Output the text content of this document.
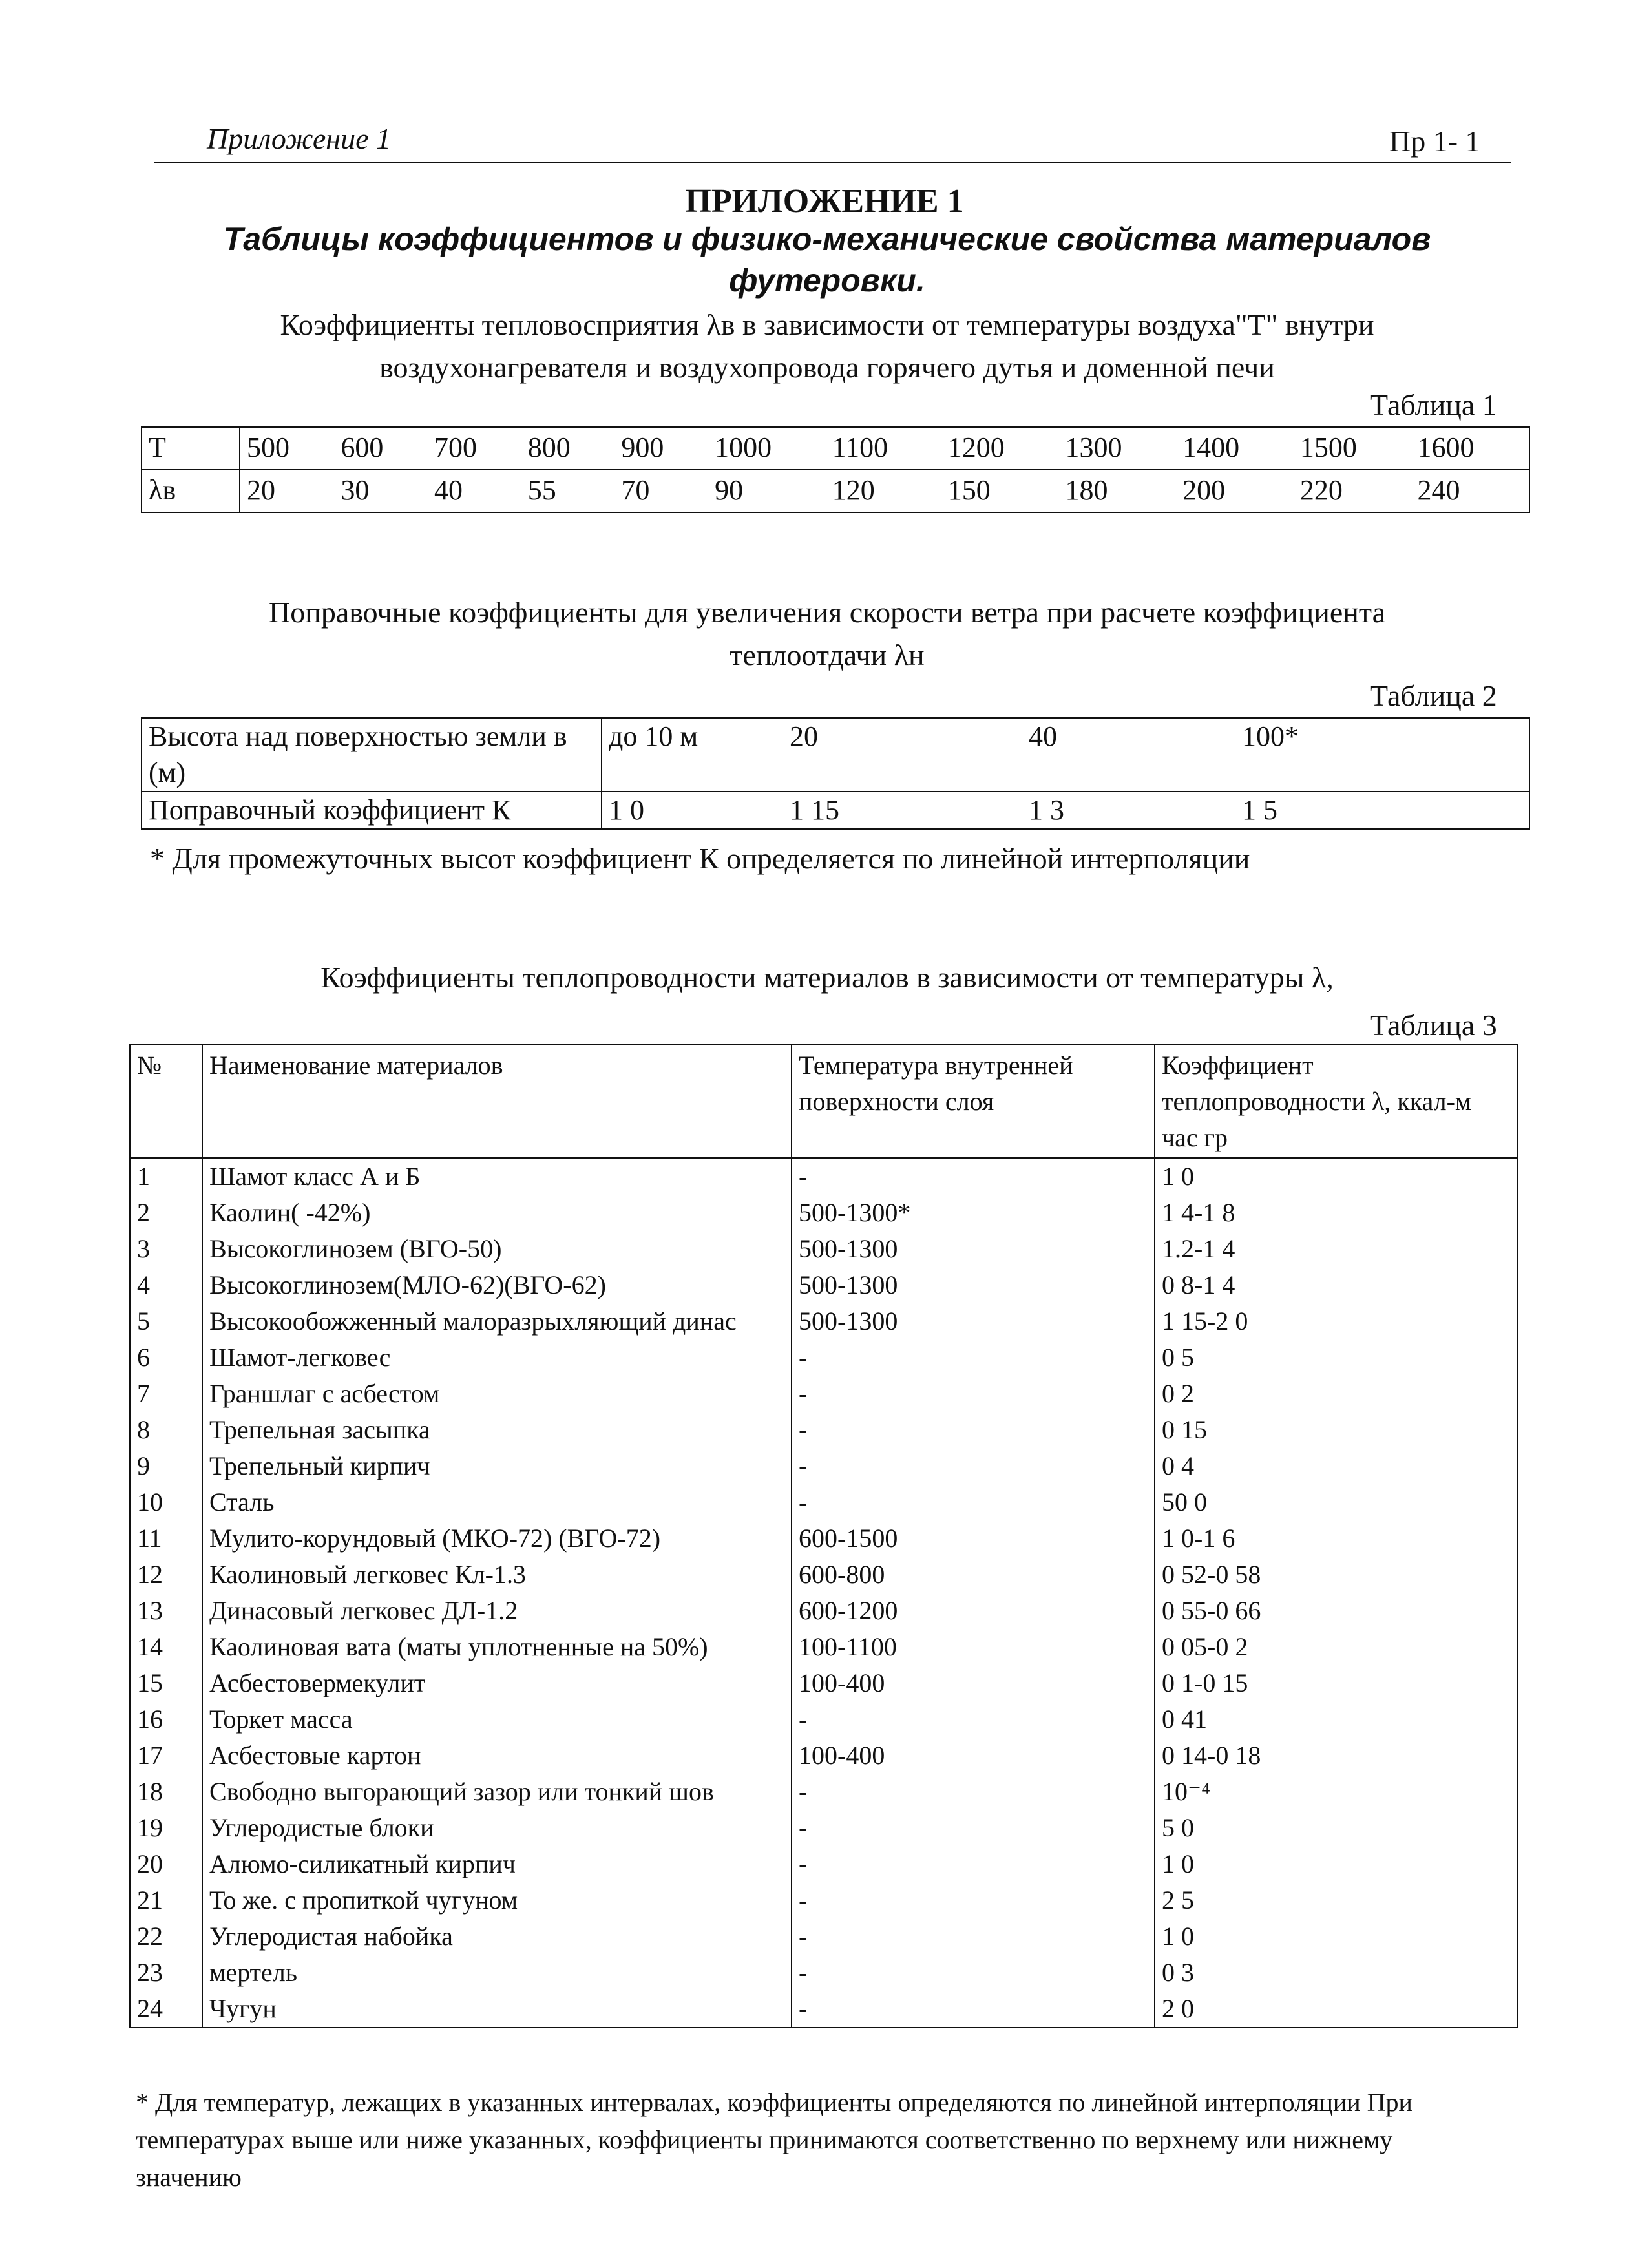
Приложение 1	Пр 1- 1
ПРИЛОЖЕНИЕ 1
Таблицы коэффициентов и физико-механические свойства материалов футеровки.
Коэффициенты тепловосприятия λв в зависимости от температуры воздуха"T" внутри воздухонагревателя и воздухопровода горячего дутья и доменной печи
Таблица 1
T	500	600	700	800	900	1000	1100	1200	1300	1400	1500	1600
λв	20	30	40	55	70	90	120	150	180	200	220	240
Поправочные коэффициенты для увеличения скорости ветра при расчете коэффициента теплоотдачи λн
Таблица 2
Высота над поверхностью земли в (м)	до 10 м	20	40	100*
Поправочный коэффициент К	1 0	1 15	1 3	1 5
* Для промежуточных высот коэффициент К определяется по линейной интерполяции
Коэффициенты теплопроводности материалов в зависимости от температуры λ,
Таблица 3
№	Наименование материалов	Температура внутренней поверхности слоя	Коэффициент теплопроводности λ, ккал-м час гр
1	Шамот класс А и Б	-	1 0
2	Каолин( -42%)	500-1300*	1 4-1 8
3	Высокоглинозем (ВГО-50)	500-1300	1.2-1 4
4	Высокоглинозем(МЛО-62)(ВГО-62)	500-1300	0 8-1 4
5	Высокообожженный малоразрыхляющий динас	500-1300	1 15-2 0
6	Шамот-легковес	-	0 5
7	Граншлаг с асбестом	-	0 2
8	Трепельная засыпка	-	0 15
9	Трепельный кирпич	-	0 4
10	Сталь	-	50 0
11	Мулито-корундовый (МКО-72) (ВГО-72)	600-1500	1 0-1 6
12	Каолиновый легковес Кл-1.3	600-800	0 52-0 58
13	Динасовый легковес ДЛ-1.2	600-1200	0 55-0 66
14	Каолиновая вата (маты уплотненные на 50%)	100-1100	0 05-0 2
15	Асбестовермекулит	100-400	0 1-0 15
16	Торкет масса	-	0 41
17	Асбестовые картон	100-400	0 14-0 18
18	Свободно выгорающий зазор или тонкий шов	-	10⁻⁴
19	Углеродистые блоки	-	5 0
20	Алюмо-силикатный кирпич	-	1 0
21	То же. с пропиткой чугуном	-	2 5
22	Углеродистая набойка	-	1 0
23	мертель	-	0 3
24	Чугун	-	2 0
* Для температур, лежащих в указанных интервалах, коэффициенты определяются по линейной интерполяции При температурах выше или ниже указанных, коэффициенты принимаются соответственно по верхнему или нижнему значению
